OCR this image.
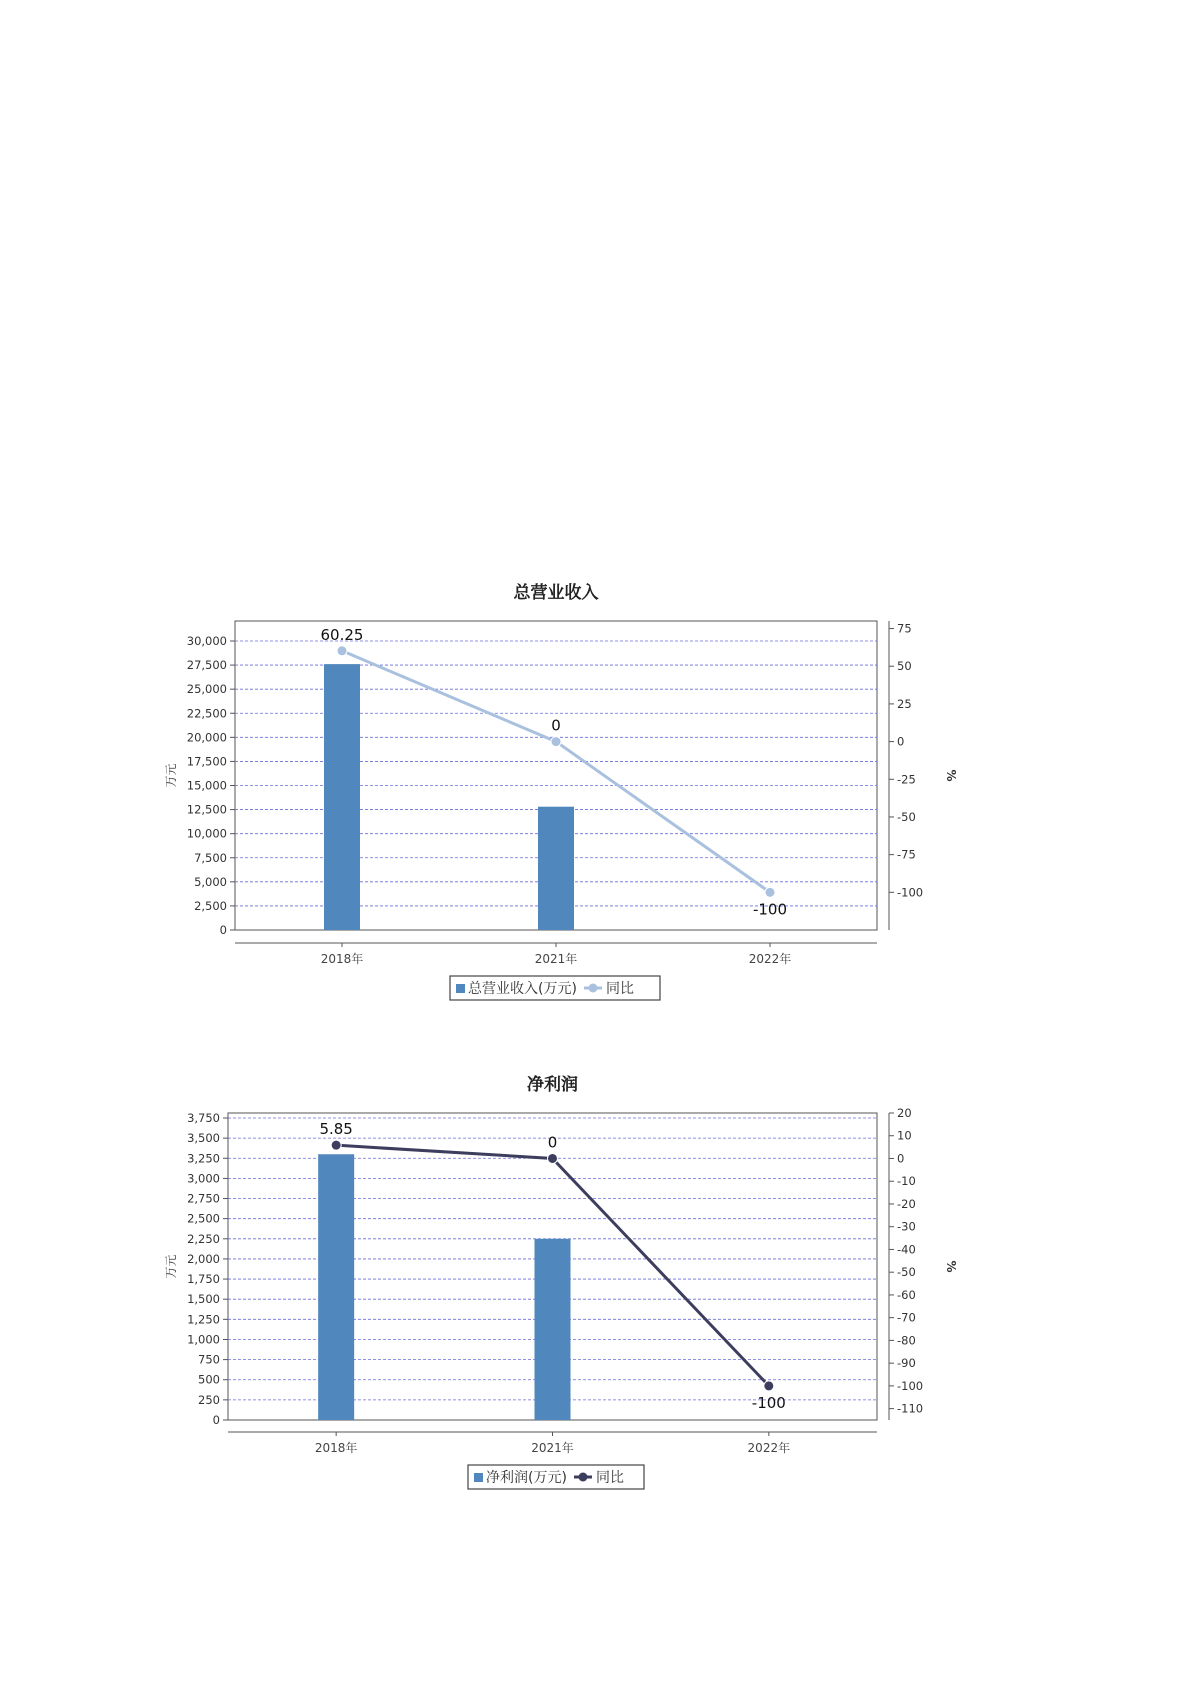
总营业收入
0
2,500
5,000
7,500
10,000
12,500
15,000
17,500
20,000
22,500
25,000
27,500
30,000
75
50
25
0
-25
-50
-75
-100
万元	%
2018年	2021年	2022年
60.25
0
-100
总营业收入(万元) 同比
净利润
0
250
500
750
1,000
1,250
1,500
1,750
2,000
2,250
2,500
2,750
3,000
3,250
3,500
3,750	20
10
0
-10
-20
-30
-40
-50
-60
-70
-80
-90
-100
-110
万元	%
2018年	2021年	2022年
5.85
0
-100
净利润(万元) 同比
